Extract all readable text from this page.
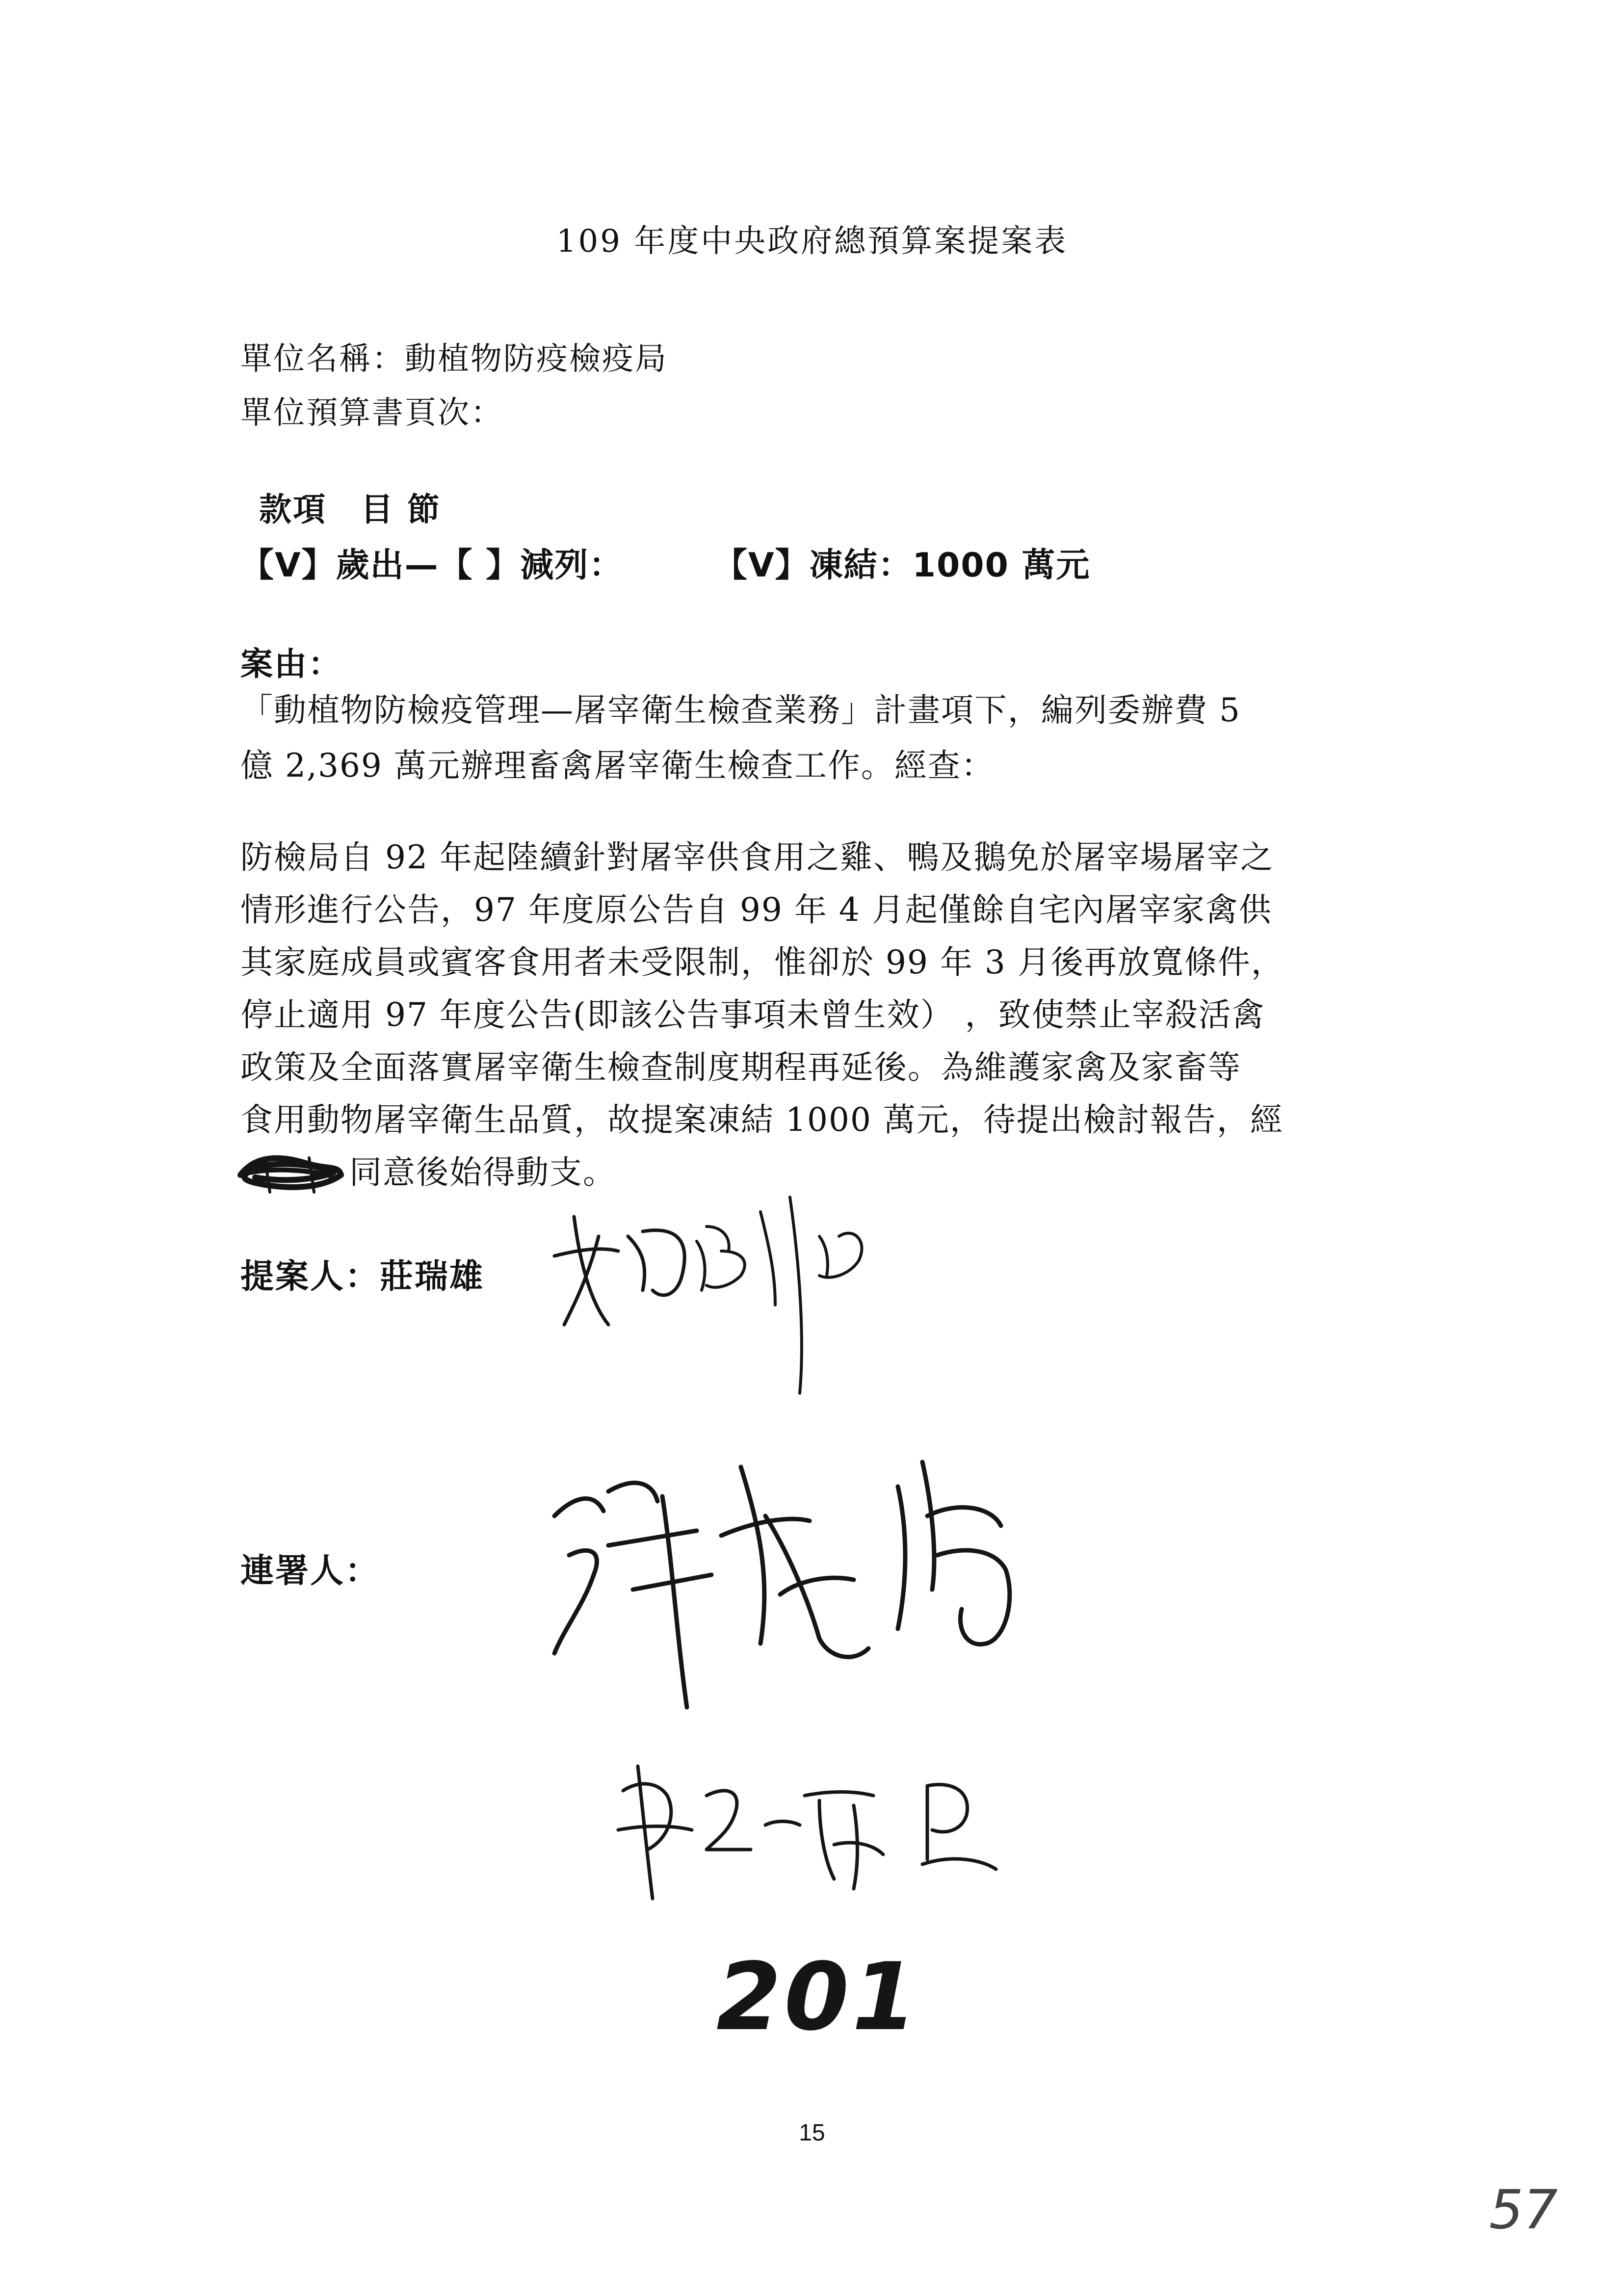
109 年度中央政府總預算案提案表
單位名稱：動植物防疫檢疫局
單位預算書頁次：
款項　目 節
【V】歲出—【 】減列：	【V】凍結：1000 萬元
案由：
「動植物防檢疫管理—屠宰衛生檢查業務」計畫項下，編列委辦費 5
億 2,369 萬元辦理畜禽屠宰衛生檢查工作。經查：
防檢局自 92 年起陸續針對屠宰供食用之雞、鴨及鵝免於屠宰場屠宰之
情形進行公告，97 年度原公告自 99 年 4 月起僅餘自宅內屠宰家禽供
其家庭成員或賓客食用者未受限制，惟卻於 99 年 3 月後再放寬條件，
停止適用 97 年度公告(即該公告事項未曾生效） ，致使禁止宰殺活禽
政策及全面落實屠宰衛生檢查制度期程再延後。為維護家禽及家畜等
食用動物屠宰衛生品質，故提案凍結 1000 萬元，待提出檢討報告，經
同意後始得動支。
提案人：莊瑞雄
連署人：
201
15
57
